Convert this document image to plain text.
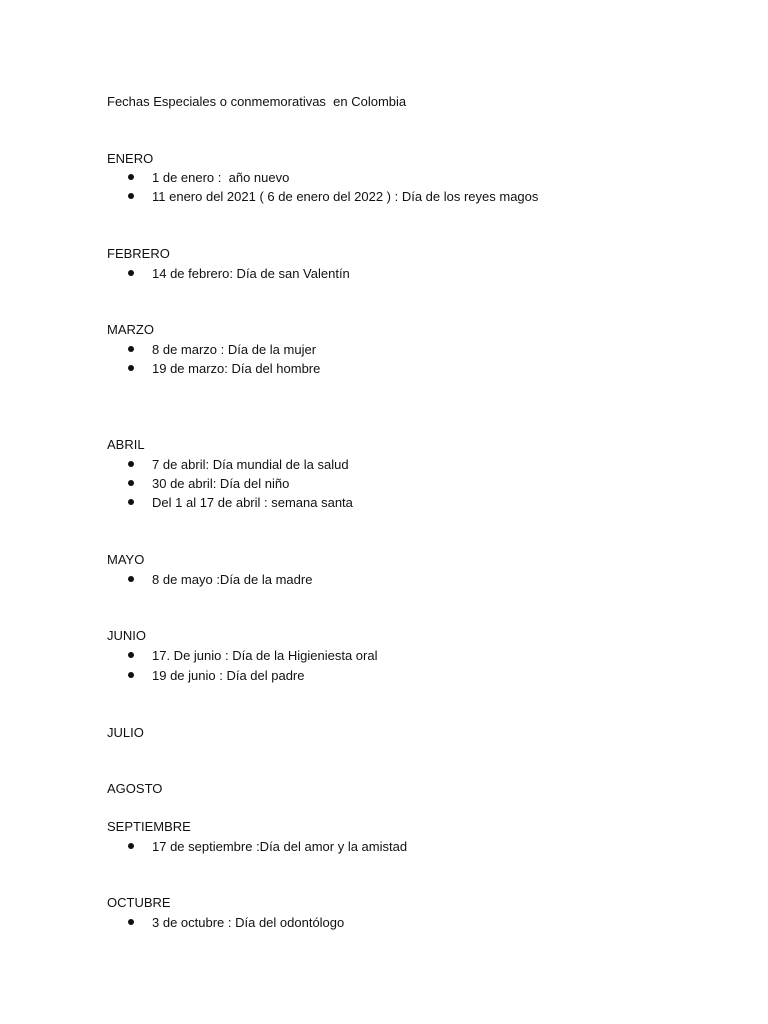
Fechas Especiales o conmemorativas  en Colombia
ENERO
1 de enero :  año nuevo
11 enero del 2021 ( 6 de enero del 2022 ) : Día de los reyes magos
FEBRERO
14 de febrero: Día de san Valentín
MARZO
8 de marzo : Día de la mujer
19 de marzo: Día del hombre
ABRIL
7 de abril: Día mundial de la salud
30 de abril: Día del niño
Del 1 al 17 de abril : semana santa
MAYO
8 de mayo :Día de la madre
JUNIO
17. De junio : Día de la Higieniesta oral
19 de junio : Día del padre
JULIO
AGOSTO
SEPTIEMBRE
17 de septiembre :Día del amor y la amistad
OCTUBRE
3 de octubre : Día del odontólogo
